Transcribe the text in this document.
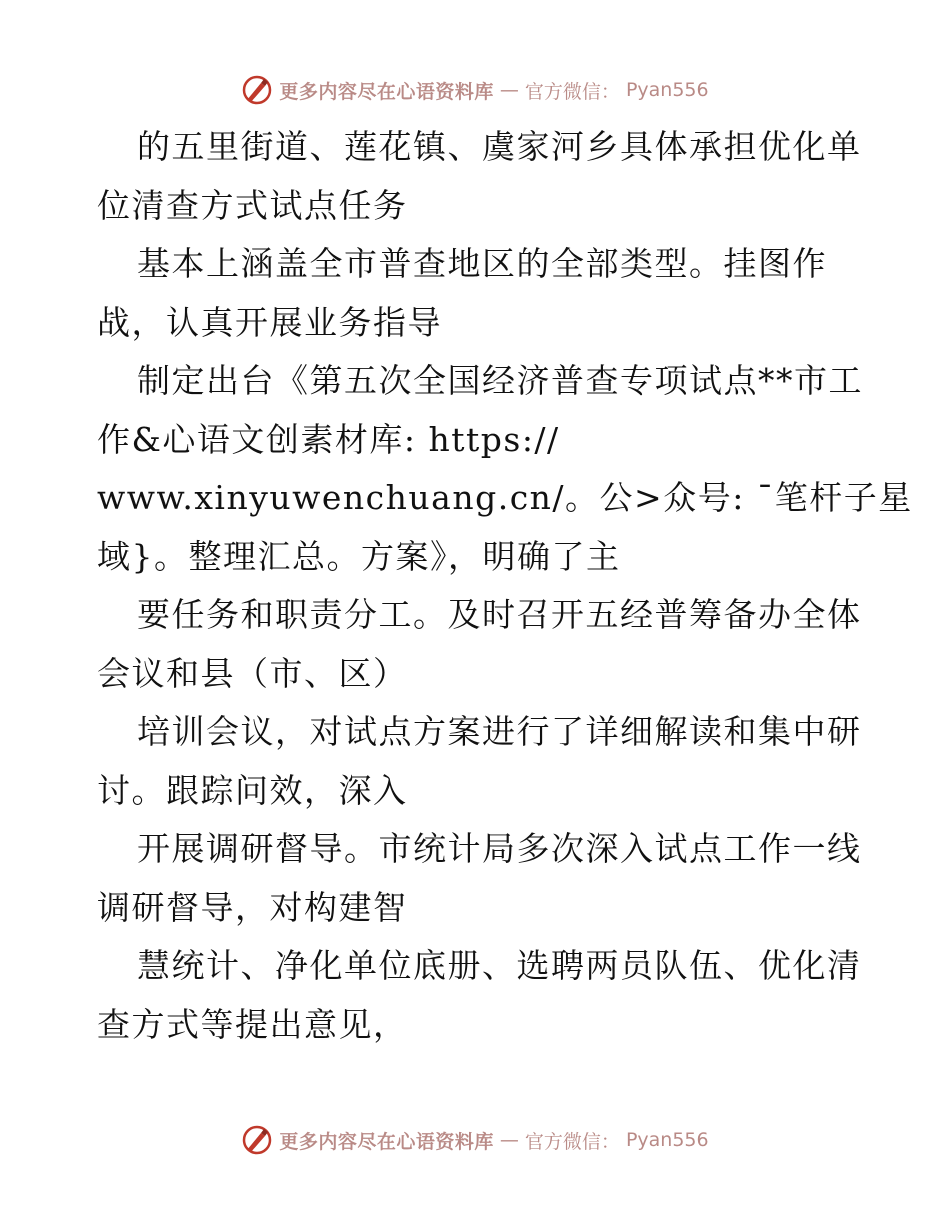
更多内容尽在心语资料库 — 官方微信： Pyan556
的五里街道、莲花镇、虞家河乡具体承担优化单
位清查方式试点任务
基本上涵盖全市普查地区的全部类型。挂图作
战，认真开展业务指导
制定出台《第五次全国经济普查专项试点**市工
作&心语文创素材库: https://
www.xinyuwenchuang.cn/。公>众号: ¯笔杆子星
域}。整理汇总。方案》，明确了主
要任务和职责分工。及时召开五经普筹备办全体
会议和县（市、区）
培训会议，对试点方案进行了详细解读和集中研
讨。跟踪问效，深入
开展调研督导。市统计局多次深入试点工作一线
调研督导，对构建智
慧统计、净化单位底册、选聘两员队伍、优化清
查方式等提出意见，
更多内容尽在心语资料库 — 官方微信： Pyan556
